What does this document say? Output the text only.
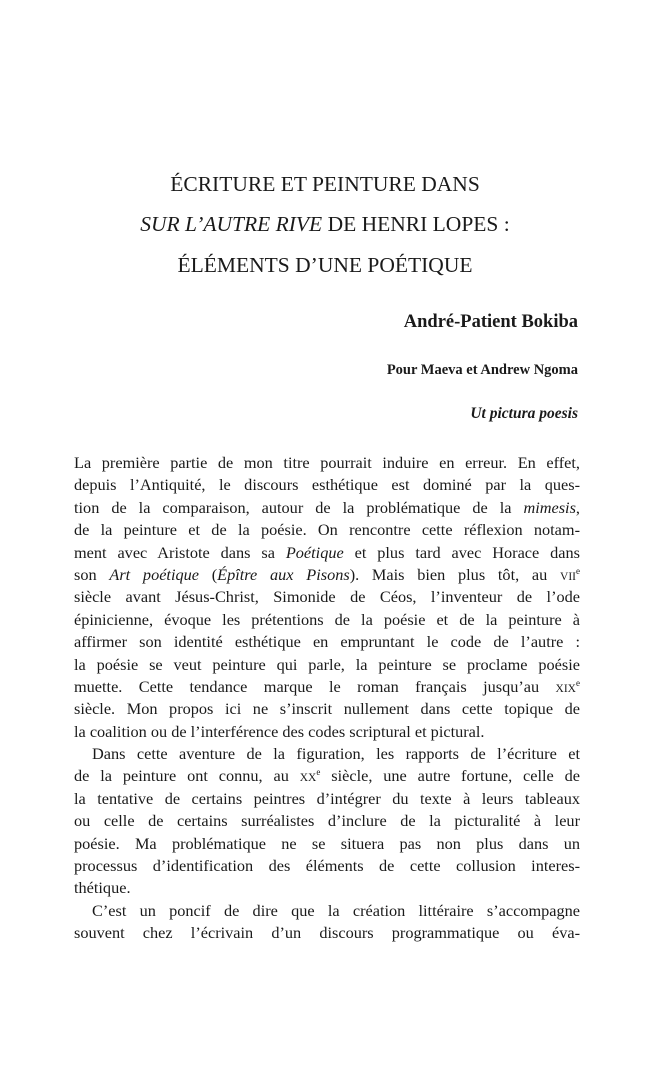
ÉCRITURE ET PEINTURE DANS
SUR L’AUTRE RIVE DE HENRI LOPES :
ÉLÉMENTS D’UNE POÉTIQUE
André-Patient Bokiba
Pour Maeva et Andrew Ngoma
Ut pictura poesis
La première partie de mon titre pourrait induire en erreur. En effet,
depuis l’Antiquité, le discours esthétique est dominé par la ques-
tion de la comparaison, autour de la problématique de la mimesis,
de la peinture et de la poésie. On rencontre cette réflexion notam-
ment avec Aristote dans sa Poétique et plus tard avec Horace dans
son Art poétique (Épître aux Pisons). Mais bien plus tôt, au VIIe
siècle avant Jésus-Christ, Simonide de Céos, l’inventeur de l’ode
épinicienne, évoque les prétentions de la poésie et de la peinture à
affirmer son identité esthétique en empruntant le code de l’autre :
la poésie se veut peinture qui parle, la peinture se proclame poésie
muette. Cette tendance marque le roman français jusqu’au XIXe
siècle. Mon propos ici ne s’inscrit nullement dans cette topique de
la coalition ou de l’interférence des codes scriptural et pictural.
Dans cette aventure de la figuration, les rapports de l’écriture et
de la peinture ont connu, au XXe siècle, une autre fortune, celle de
la tentative de certains peintres d’intégrer du texte à leurs tableaux
ou celle de certains surréalistes d’inclure de la picturalité à leur
poésie. Ma problématique ne se situera pas non plus dans un
processus d’identification des éléments de cette collusion interes-
thétique.
C’est un poncif de dire que la création littéraire s’accompagne
souvent chez l’écrivain d’un discours programmatique ou éva-
